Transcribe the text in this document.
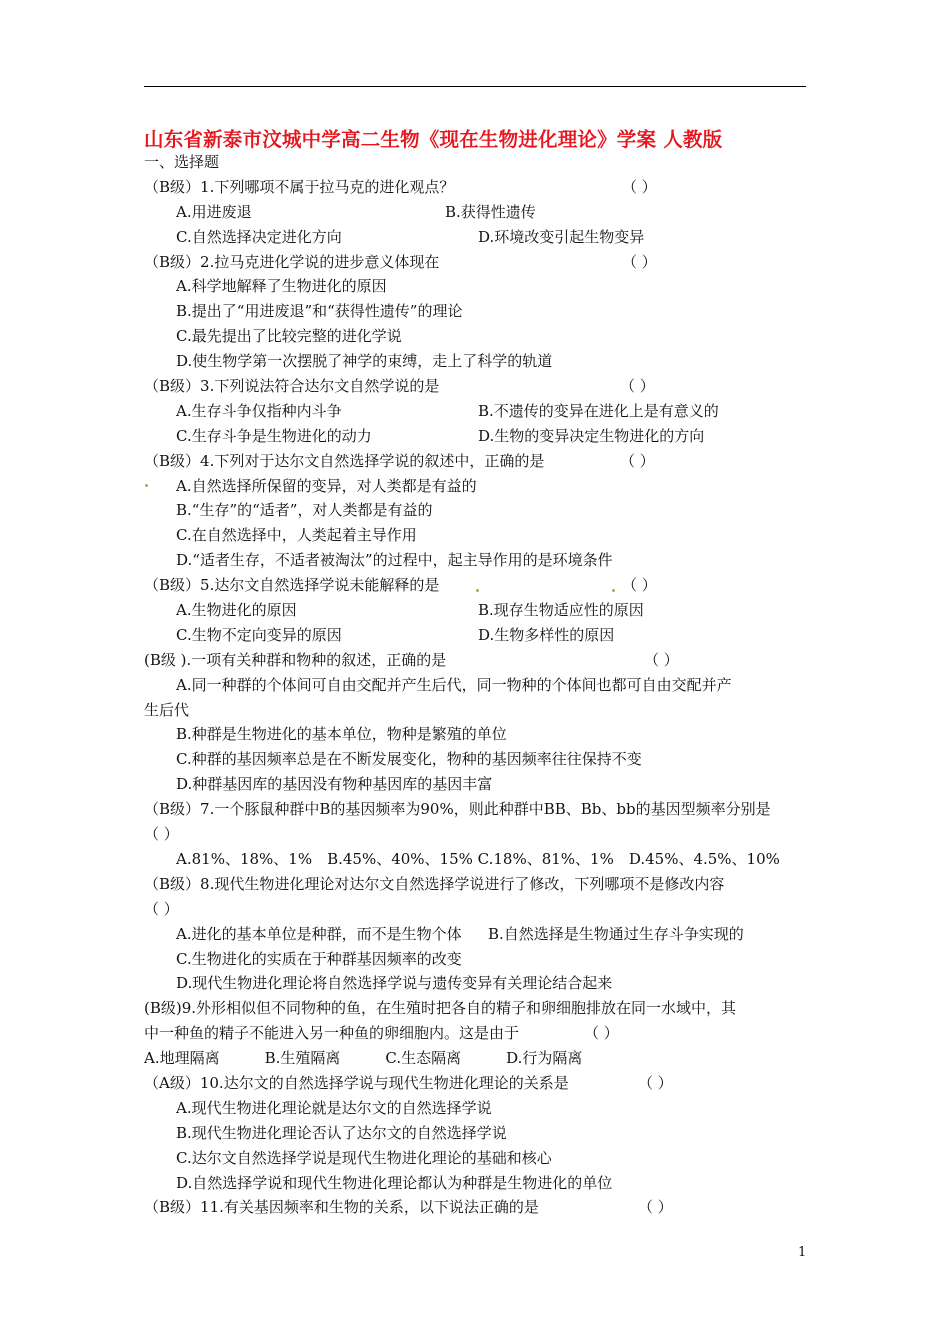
山东省新泰市汶城中学高二生物《现在生物进化理论》学案 人教版
一、选择题
（B级）1.下列哪项不属于拉马克的进化观点？	（ ）
A.用进废退	B.获得性遗传
C.自然选择决定进化方向	D.环境改变引起生物变异
（B级）2.拉马克进化学说的进步意义体现在	（ ）
A.科学地解释了生物进化的原因
B.提出了“用进废退”和“获得性遗传”的理论
C.最先提出了比较完整的进化学说
D.使生物学第一次摆脱了神学的束缚，走上了科学的轨道
（B级）3.下列说法符合达尔文自然学说的是	（ ）
A.生存斗争仅指种内斗争	B.不遗传的变异在进化上是有意义的
C.生存斗争是生物进化的动力	D.生物的变异决定生物进化的方向
（B级）4.下列对于达尔文自然选择学说的叙述中，正确的是	（ ）
A.自然选择所保留的变异，对人类都是有益的
B.“生存”的“适者”，对人类都是有益的
C.在自然选择中，人类起着主导作用
D.“适者生存，不适者被淘汰”的过程中，起主导作用的是环境条件
（B级）5.达尔文自然选择学说未能解释的是	（ ）
A.生物进化的原因	B.现存生物适应性的原因
C.生物不定向变异的原因	D.生物多样性的原因
(B级 ).一项有关种群和物种的叙述，正确的是	（ ）
A.同一种群的个体间可自由交配并产生后代，同一物种的个体间也都可自由交配并产
生后代
B.种群是生物进化的基本单位，物种是繁殖的单位
C.种群的基因频率总是在不断发展变化，物种的基因频率往往保持不变
D.种群基因库的基因没有物种基因库的基因丰富
（B级）7.一个豚鼠种群中B的基因频率为90%，则此种群中BB、Bb、bb的基因型频率分别是
（ ）
A.81%、18%、1%　B.45%、40%、15% C.18%、81%、1%　D.45%、4.5%、10%
（B级）8.现代生物进化理论对达尔文自然选择学说进行了修改，下列哪项不是修改内容
（ ）
A.进化的基本单位是种群，而不是生物个体 B.自然选择是生物通过生存斗争实现的
C.生物进化的实质在于种群基因频率的改变
D.现代生物进化理论将自然选择学说与遗传变异有关理论结合起来
(B级)9.外形相似但不同物种的鱼，在生殖时把各自的精子和卵细胞排放在同一水域中，其
中一种鱼的精子不能进入另一种鱼的卵细胞内。这是由于	（ ）
A.地理隔离　　　B.生殖隔离　　　C.生态隔离　　　D.行为隔离
（A级）10.达尔文的自然选择学说与现代生物进化理论的关系是	（ ）
A.现代生物进化理论就是达尔文的自然选择学说
B.现代生物进化理论否认了达尔文的自然选择学说
C.达尔文自然选择学说是现代生物进化理论的基础和核心
D.自然选择学说和现代生物进化理论都认为种群是生物进化的单位
（B级）11.有关基因频率和生物的关系，以下说法正确的是	（ ）
1
